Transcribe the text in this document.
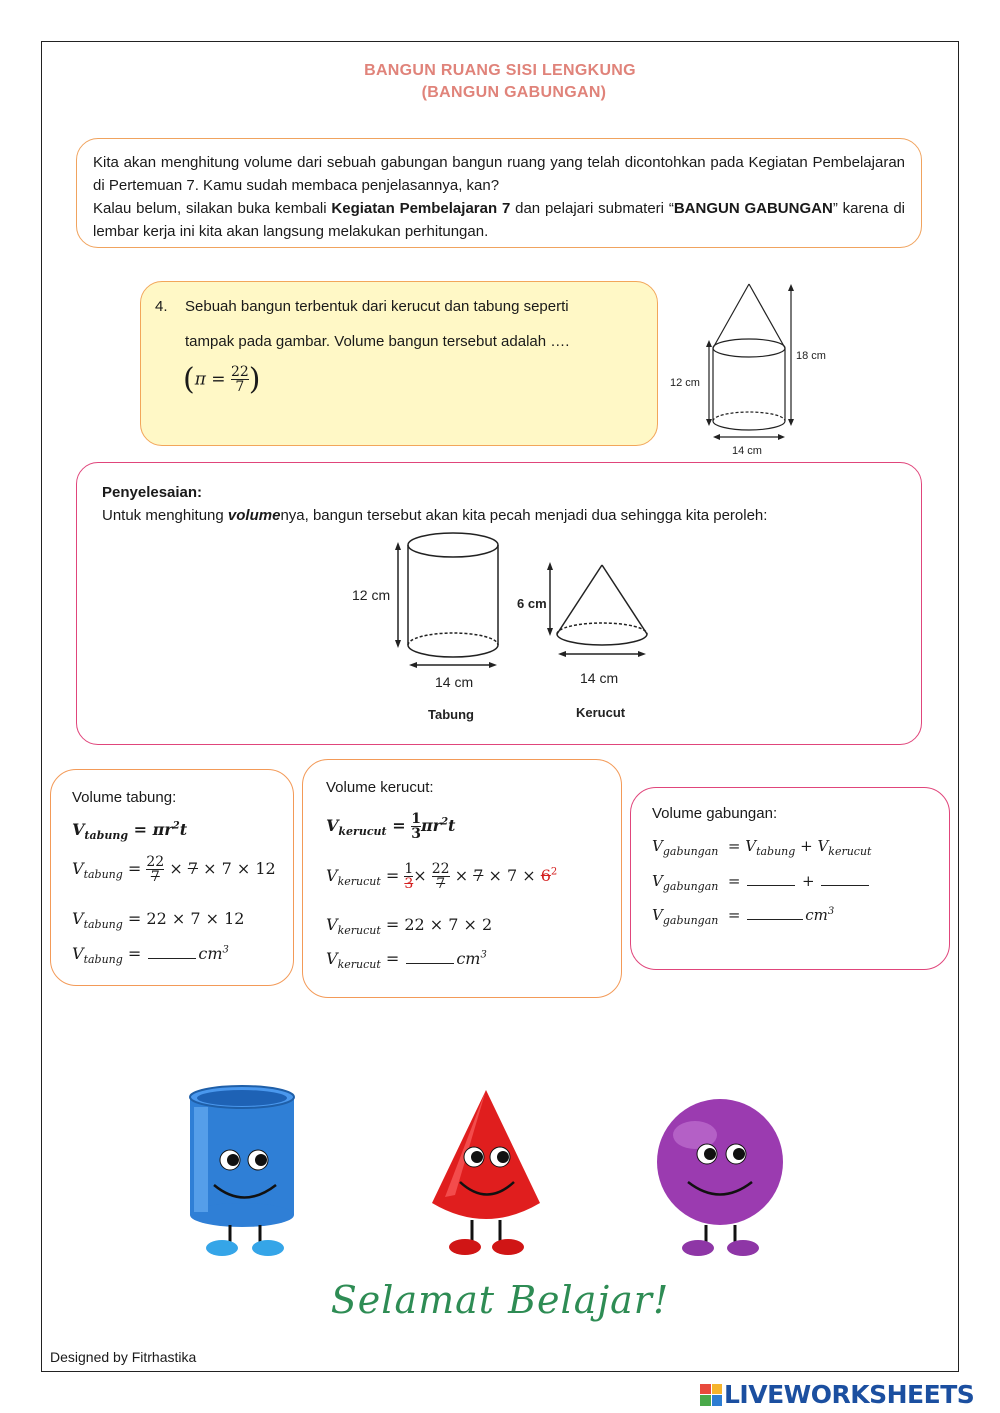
BANGUN RUANG SISI LENGKUNG
(BANGUN GABUNGAN)

Kita akan menghitung volume dari sebuah gabungan bangun ruang yang telah dicontohkan pada Kegiatan Pembelajaran di Pertemuan 7. Kamu sudah membaca penjelasannya, kan?

Kalau belum, silakan buka kembali Kegiatan Pembelajaran 7 dan pelajari submateri “BANGUN GABUNGAN” karena di lembar kerja ini kita akan langsung melakukan perhitungan.

4. Sebuah bangun terbentuk dari kerucut dan tabung seperti
tampak pada gambar. Volume bangun tersebut adalah ….
($\pi = \frac{22}{7}$ )	12 cm
18 cm
14 cm
Penyelesaian:
Untuk menghitung volumenya, bangun tersebut akan kita pecah menjadi dua sehingga kita peroleh:
12 cm
14 cm
Tabung
6 cm
14 cm
Kerucut
Volume tabung:
$V_{tabung} = \pi r^2t$
$V_{tabung} = \frac{22}{7} \times 7 \times 7 \times 12$
$V_{tabung} = 22 \times 7 \times 12$
$V_{tabung}$ =	$cm^3$
Volume kerucut:
$V_{kerucut} = \frac{1}{3} \pi r^2t$
$V_{kerucut} = \frac{1}{3} \times \frac{22}{7} \times 7 \times 7 \times 6^2$
$V_{kerucut} = 22 \times 7 \times 2$
$V_{kerucut}$ =	$cm^3$
Volume gabungan:
$V_{gabungan} = V_{tabung} + V_{kerucut}$
$V_{gabungan}$ =	+
$V_{gabungan}$ =	$cm^3$
Selamat Belajar!
Designed by Fitrhastika
LIVEWORKSHEETS
